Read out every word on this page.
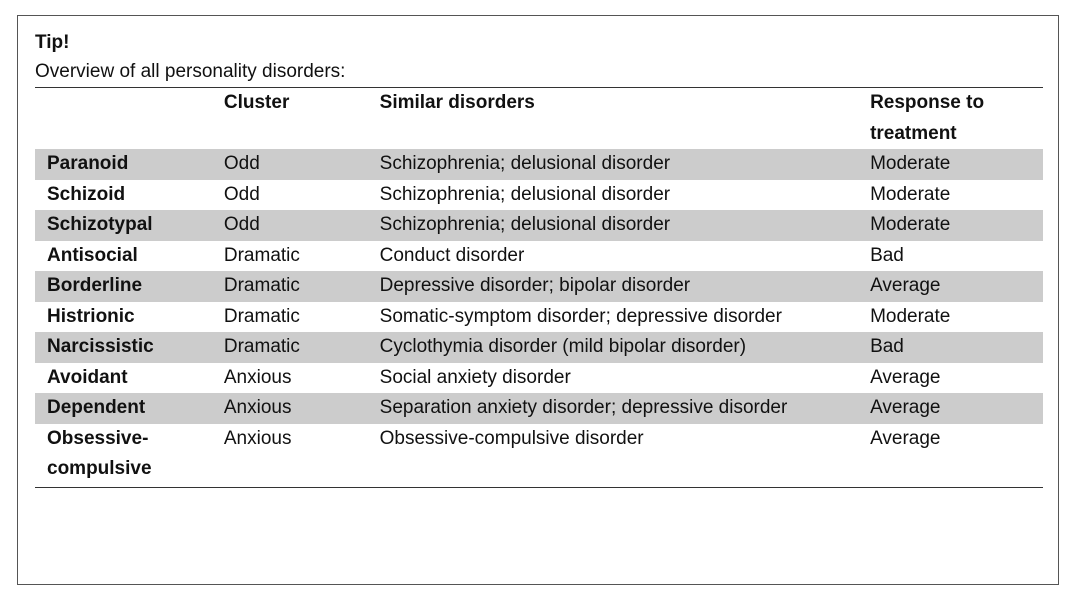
Tip!
Overview of all personality disorders:
	Cluster	Similar disorders	Response to treatment
Paranoid	Odd	Schizophrenia; delusional disorder	Moderate
Schizoid	Odd	Schizophrenia; delusional disorder	Moderate
Schizotypal	Odd	Schizophrenia; delusional disorder	Moderate
Antisocial	Dramatic	Conduct disorder	Bad
Borderline	Dramatic	Depressive disorder; bipolar disorder	Average
Histrionic	Dramatic	Somatic-symptom disorder; depressive disorder	Moderate
Narcissistic	Dramatic	Cyclothymia disorder (mild bipolar disorder)	Bad
Avoidant	Anxious	Social anxiety disorder	Average
Dependent	Anxious	Separation anxiety disorder; depressive disorder	Average
Obsessive-compulsive	Anxious	Obsessive-compulsive disorder	Average
